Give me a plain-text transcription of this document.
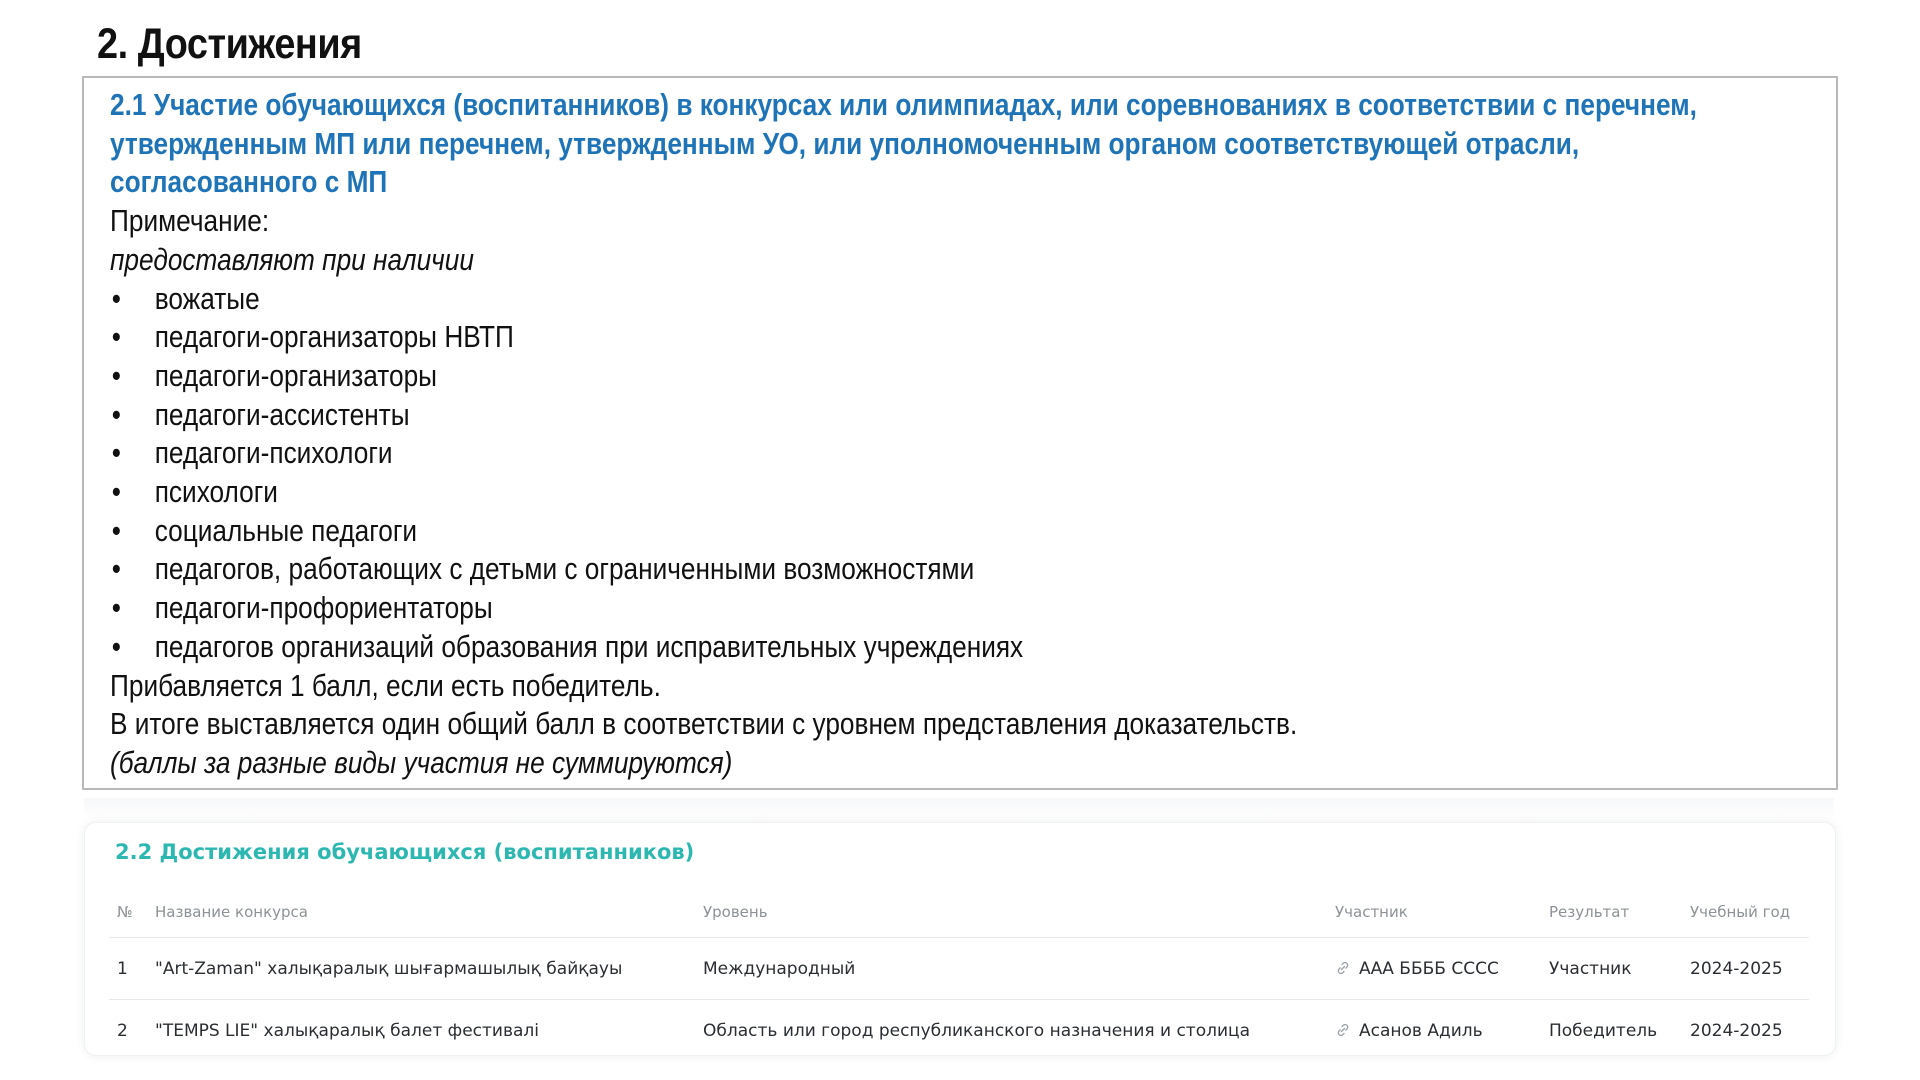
2. Достижения

2.1 Участие обучающихся (воспитанников) в конкурсах или олимпиадах, или соревнованиях в соответствии с перечнем,

утвержденным МП или перечнем, утвержденным УО, или уполномоченным органом соответствующей отрасли,

согласованного с МП

Примечание:

предоставляют при наличии

• вожатые
• педагоги-организаторы НВТП
• педагоги-организаторы
• педагоги-ассистенты
• педагоги-психологи
• психологи
• социальные педагоги
• педагогов, работающих с детьми с ограниченными возможностями
• педагоги-профориентаторы
• педагогов организаций образования при исправительных учреждениях

Прибавляется 1 балл, если есть победитель.

В итоге выставляется один общий балл в соответствии с уровнем представления доказательств.

(баллы за разные виды участия не суммируются)

2.2 Достижения обучающихся (воспитанников)
№	Название конкурса	Уровень	Участник	Результат	Учебный год
1	"Art-Zaman" халықаралық шығармашылық байқауы	Международный	ААА ББББ СССС	Участник	2024-2025
2	"TEMPS LIE" халықаралық балет фестивалі	Область или город республиканского назначения и столица	Асанов Адиль	Победитель	2024-2025
